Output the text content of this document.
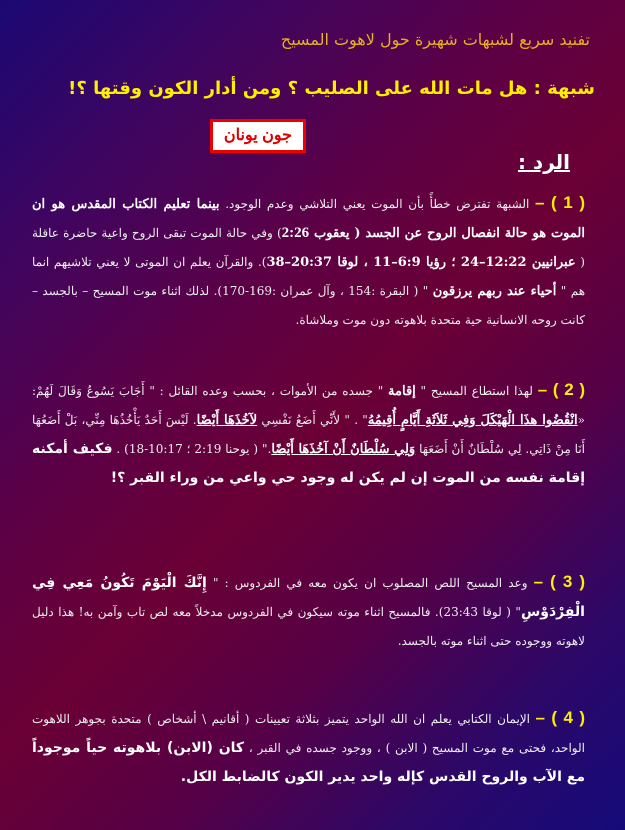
تفنيد سريع لشبهات شهيرة حول لاهوت المسيح
شبهة : هل مات الله على الصليب ؟ ومن أدار الكون وقتها ؟!
جون يونان
الرد :
( 1 ) – الشبهة تفترض خطأً بأن الموت يعني التلاشي وعدم الوجود. بينما تعليم الكتاب المقدس هو ان الموت هو حالة انفصال الروح عن الجسد ( يعقوب 2:26) وفي حالة الموت تبقى الروح واعية حاضرة عاقلة ( عبرانيين 12:22–24 ؛ رؤيا 6:9–11 ، لوقا 20:37–38). والقرآن يعلم ان الموتى لا يعني تلاشيهم انما هم " أحياء عند ربهم يرزقون " ( البقرة :154 ، وآل عمران :169-170). لذلك اثناء موت المسيح – بالجسد – كانت روحه الانسانية حية متحدة بلاهوته دون موت وملاشاة.
( 2 ) – لهذا استطاع المسيح " إقامة " جسده من الأموات ، بحسب وعده القائل : " أَجَابَ يَسُوعُ وَقَالَ لَهُمْ: «انْقُضُوا هذَا الْهَيْكَلَ وَفِي ثَلاَثَةِ أَيَّامٍ أُقِيمُهُ" . " لأَنِّي أَضَعُ نَفْسِي لآخُذَهَا أَيْضًا. لَيْسَ أَحَدٌ يَأْخُذُهَا مِنِّي، بَلْ أَضَعُهَا أَنَا مِنْ ذَاتِي. لِي سُلْطَانٌ أَنْ أَضَعَهَا وَلِي سُلْطَانٌ أَنْ آخُذَهَا أَيْضًا." ( يوحنا 2:19 ؛ 10:17-18) . فكيف أمكنه إقامة نفسه من الموت إن لم يكن له وجود حي واعي من وراء القبر ؟!
( 3 ) – وعد المسيح اللص المصلوب ان يكون معه في الفردوس : " إِنَّكَ الْيَوْمَ تَكُونُ مَعِي فِي الْفِرْدَوْسِ" ( لوقا 23:43). فالمسيح اثناء موته سيكون في الفردوس مدخلاً معه لص تاب وآمن به! هذا دليل لاهوته ووجوده حتى اثناء موته بالجسد.
( 4 ) – الإيمان الكتابي يعلم ان الله الواحد يتميز بثلاثة تعيينات ( أقانيم \ أشخاص ) متحدة بجوهر اللاهوت الواحد، فحتى مع موت المسيح ( الابن ) ، ووجود جسده في القبر ، كان (الابن) بلاهوته حياً موجوداً مع الآب والروح القدس كإله واحد يدير الكون كالضابط الكل.
